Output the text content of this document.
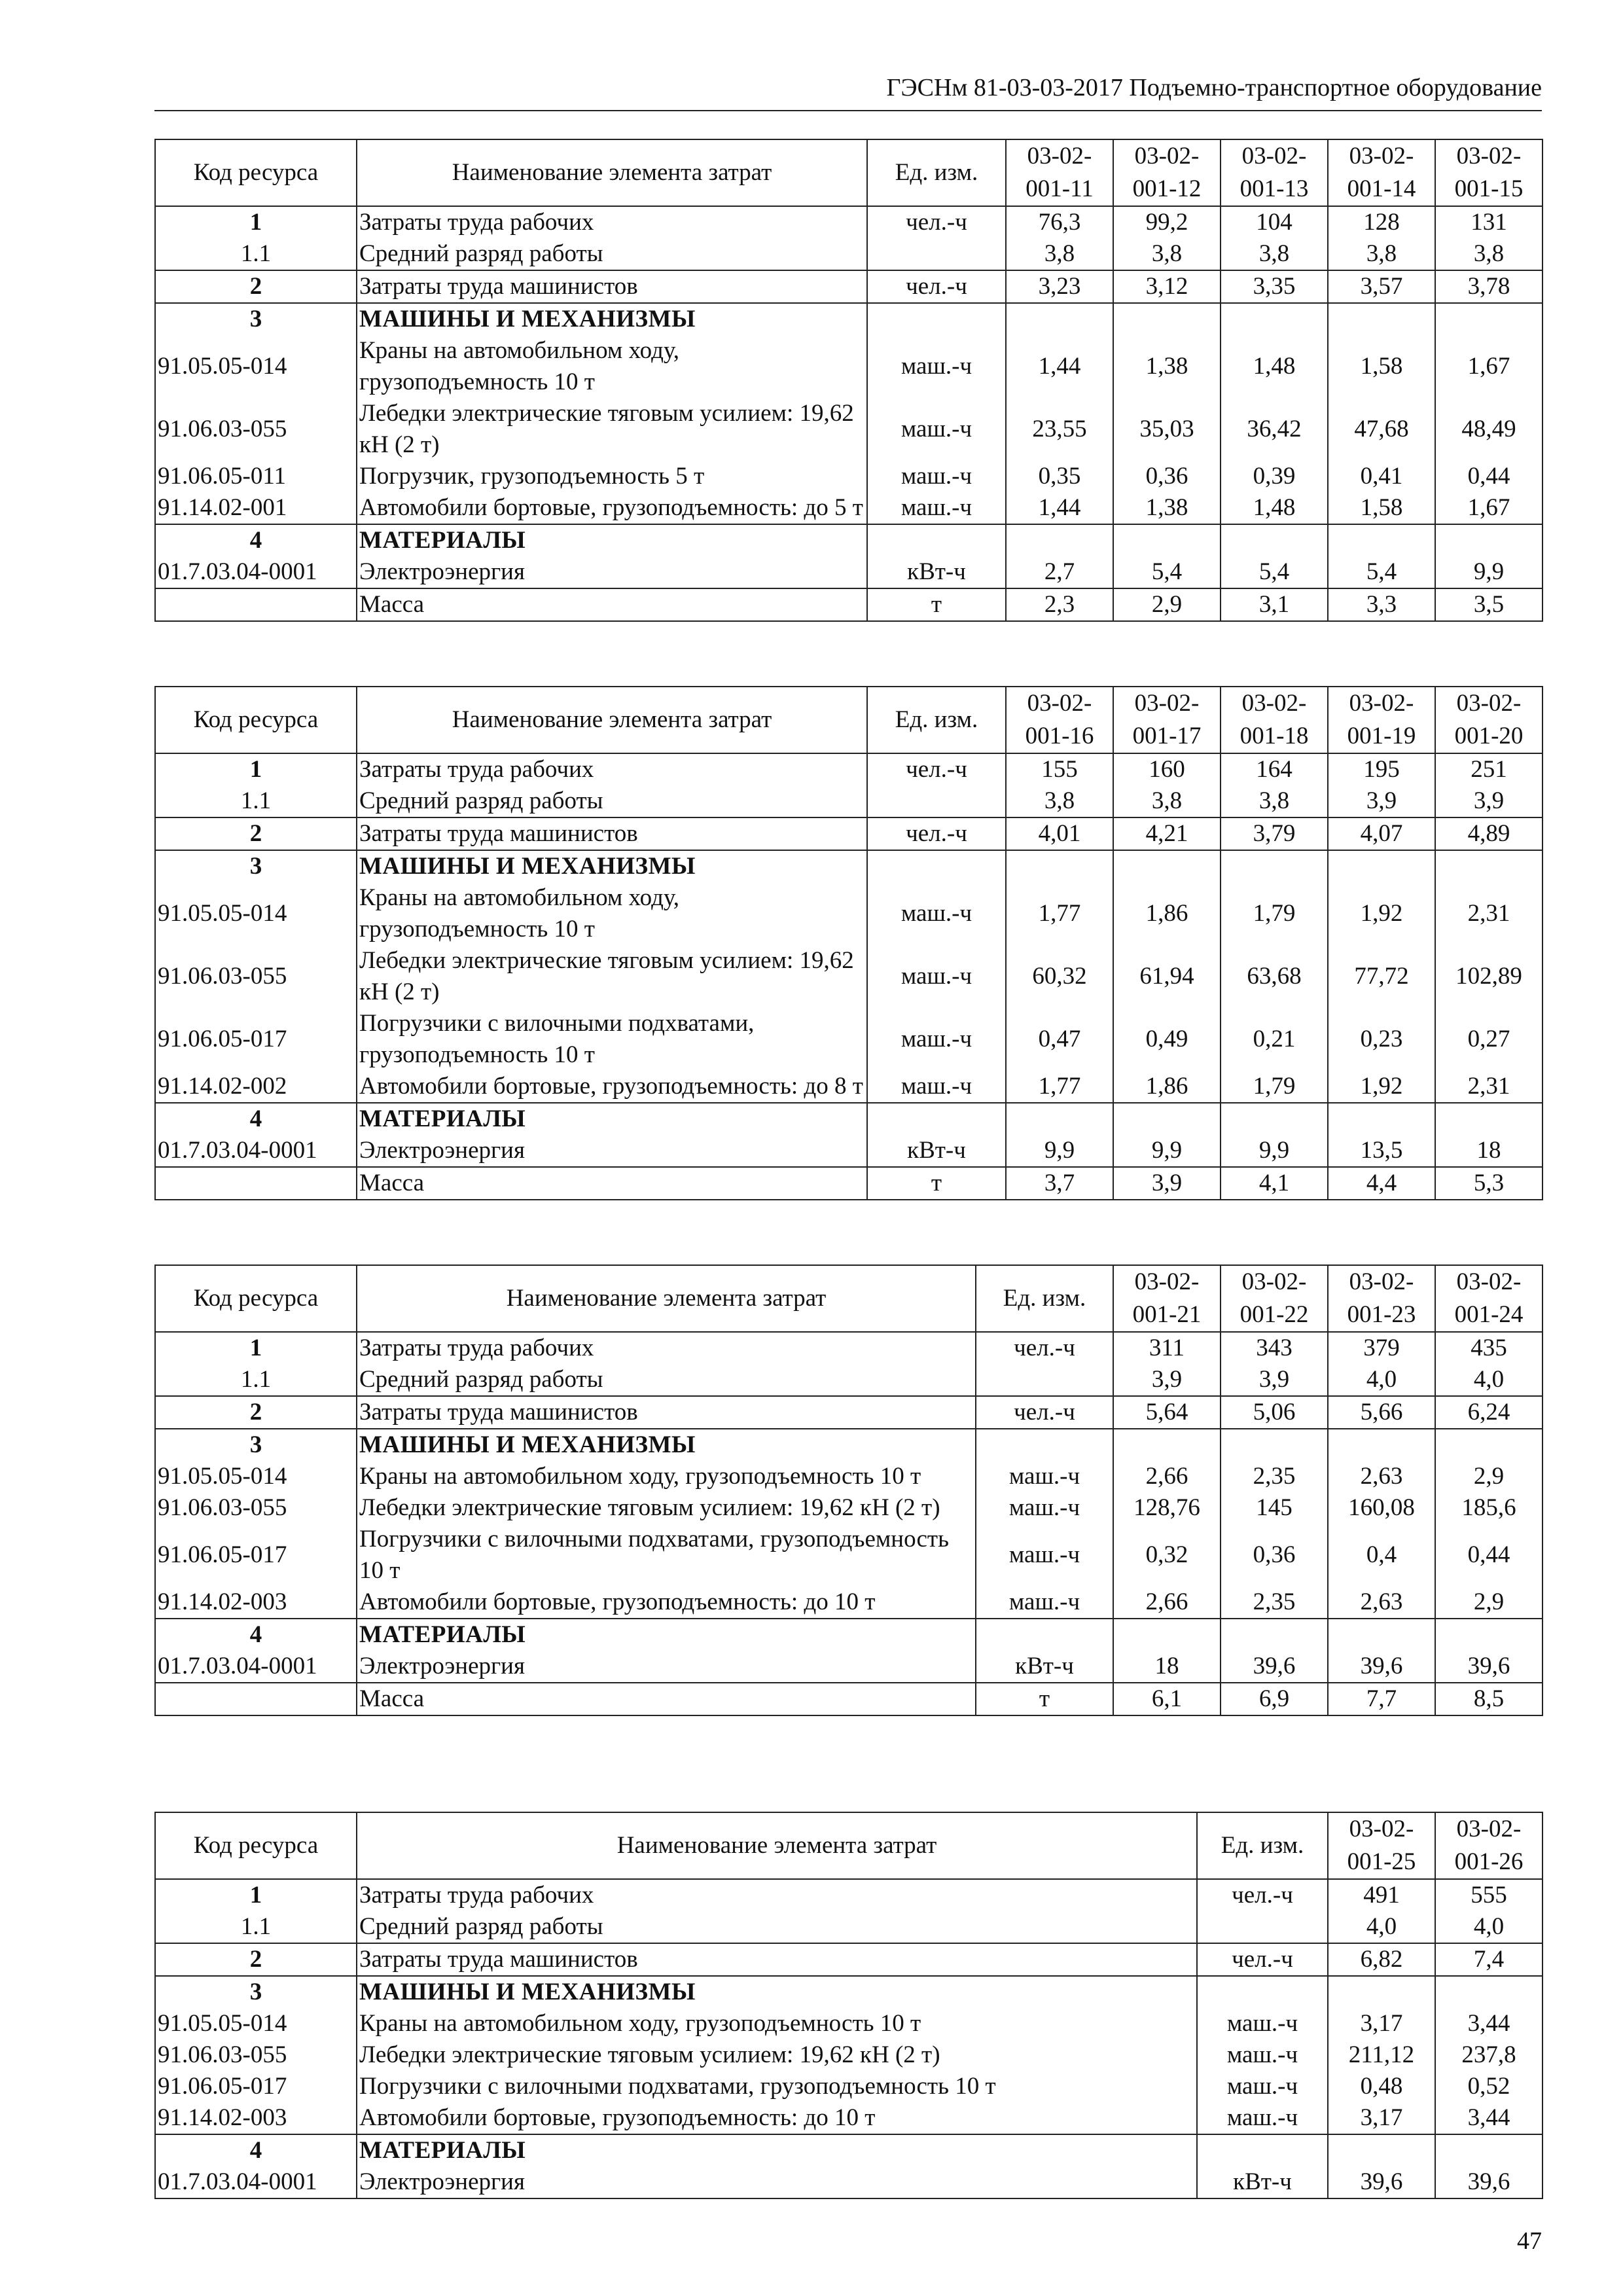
ГЭСНм 81-03-03-2017 Подъемно-транспортное оборудование
Код ресурса	Наименование элемента затрат	Ед. изм.	03-02-001-11	03-02-001-12	03-02-001-13	03-02-001-14	03-02-001-15
1	Затраты труда рабочих	чел.-ч	76,3	99,2	104	128	131
1.1	Средний разряд работы		3,8	3,8	3,8	3,8	3,8
2	Затраты труда машинистов	чел.-ч	3,23	3,12	3,35	3,57	3,78
3	МАШИНЫ И МЕХАНИЗМЫ						
91.05.05-014	Краны на автомобильном ходу, грузоподъемность 10 т	маш.-ч	1,44	1,38	1,48	1,58	1,67
91.06.03-055	Лебедки электрические тяговым усилием: 19,62 кН (2 т)	маш.-ч	23,55	35,03	36,42	47,68	48,49
91.06.05-011	Погрузчик, грузоподъемность 5 т	маш.-ч	0,35	0,36	0,39	0,41	0,44
91.14.02-001	Автомобили бортовые, грузоподъемность: до 5 т	маш.-ч	1,44	1,38	1,48	1,58	1,67
4	МАТЕРИАЛЫ						
01.7.03.04-0001	Электроэнергия	кВт-ч	2,7	5,4	5,4	5,4	9,9
	Масса	т	2,3	2,9	3,1	3,3	3,5
Код ресурса	Наименование элемента затрат	Ед. изм.	03-02-001-16	03-02-001-17	03-02-001-18	03-02-001-19	03-02-001-20
1	Затраты труда рабочих	чел.-ч	155	160	164	195	251
1.1	Средний разряд работы		3,8	3,8	3,8	3,9	3,9
2	Затраты труда машинистов	чел.-ч	4,01	4,21	3,79	4,07	4,89
3	МАШИНЫ И МЕХАНИЗМЫ						
91.05.05-014	Краны на автомобильном ходу, грузоподъемность 10 т	маш.-ч	1,77	1,86	1,79	1,92	2,31
91.06.03-055	Лебедки электрические тяговым усилием: 19,62 кН (2 т)	маш.-ч	60,32	61,94	63,68	77,72	102,89
91.06.05-017	Погрузчики с вилочными подхватами, грузоподъемность 10 т	маш.-ч	0,47	0,49	0,21	0,23	0,27
91.14.02-002	Автомобили бортовые, грузоподъемность: до 8 т	маш.-ч	1,77	1,86	1,79	1,92	2,31
4	МАТЕРИАЛЫ						
01.7.03.04-0001	Электроэнергия	кВт-ч	9,9	9,9	9,9	13,5	18
	Масса	т	3,7	3,9	4,1	4,4	5,3
Код ресурса	Наименование элемента затрат	Ед. изм.	03-02-001-21	03-02-001-22	03-02-001-23	03-02-001-24
1	Затраты труда рабочих	чел.-ч	311	343	379	435
1.1	Средний разряд работы		3,9	3,9	4,0	4,0
2	Затраты труда машинистов	чел.-ч	5,64	5,06	5,66	6,24
3	МАШИНЫ И МЕХАНИЗМЫ					
91.05.05-014	Краны на автомобильном ходу, грузоподъемность 10 т	маш.-ч	2,66	2,35	2,63	2,9
91.06.03-055	Лебедки электрические тяговым усилием: 19,62 кН (2 т)	маш.-ч	128,76	145	160,08	185,6
91.06.05-017	Погрузчики с вилочными подхватами, грузоподъемность 10 т	маш.-ч	0,32	0,36	0,4	0,44
91.14.02-003	Автомобили бортовые, грузоподъемность: до 10 т	маш.-ч	2,66	2,35	2,63	2,9
4	МАТЕРИАЛЫ					
01.7.03.04-0001	Электроэнергия	кВт-ч	18	39,6	39,6	39,6
	Масса	т	6,1	6,9	7,7	8,5
Код ресурса	Наименование элемента затрат	Ед. изм.	03-02-001-25	03-02-001-26
1	Затраты труда рабочих	чел.-ч	491	555
1.1	Средний разряд работы		4,0	4,0
2	Затраты труда машинистов	чел.-ч	6,82	7,4
3	МАШИНЫ И МЕХАНИЗМЫ			
91.05.05-014	Краны на автомобильном ходу, грузоподъемность 10 т	маш.-ч	3,17	3,44
91.06.03-055	Лебедки электрические тяговым усилием: 19,62 кН (2 т)	маш.-ч	211,12	237,8
91.06.05-017	Погрузчики с вилочными подхватами, грузоподъемность 10 т	маш.-ч	0,48	0,52
91.14.02-003	Автомобили бортовые, грузоподъемность: до 10 т	маш.-ч	3,17	3,44
4	МАТЕРИАЛЫ			
01.7.03.04-0001	Электроэнергия	кВт-ч	39,6	39,6
47
